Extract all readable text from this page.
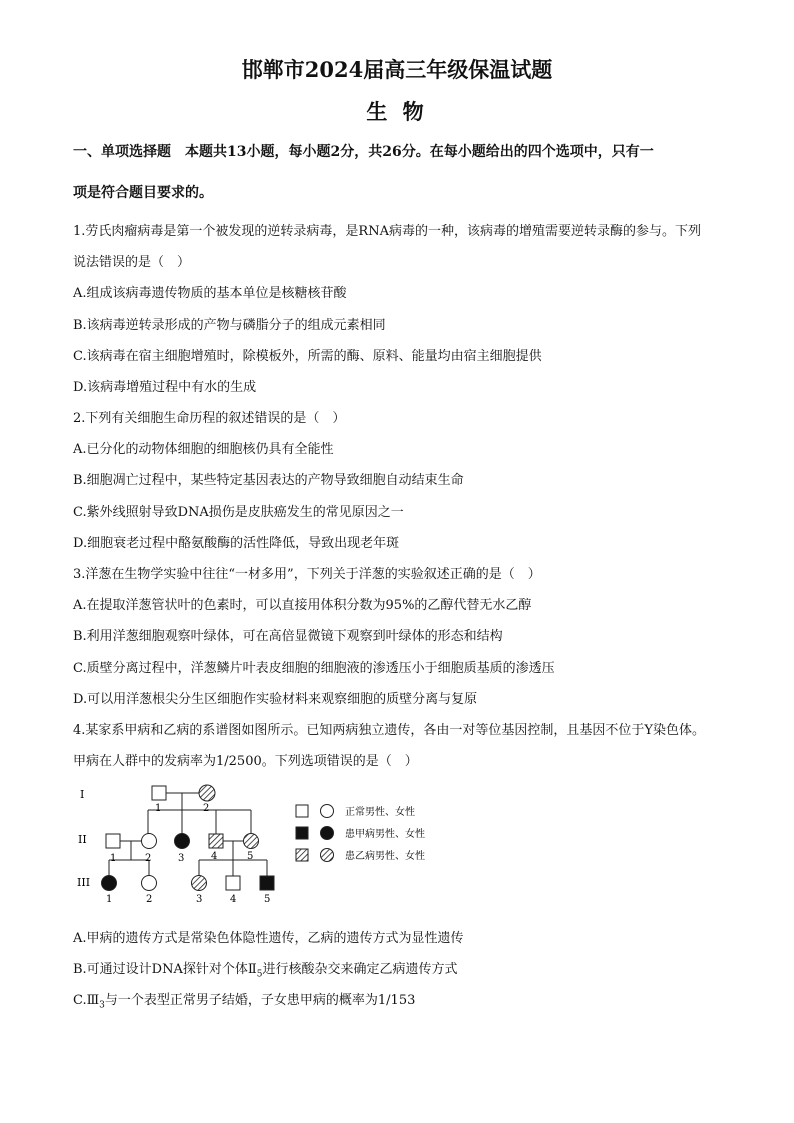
邯郸市2024届高三年级保温试题
生 物
一、单项选择题　本题共13小题，每小题2分，共26分。在每小题给出的四个选项中，只有一
项是符合题目要求的。
1.劳氏肉瘤病毒是第一个被发现的逆转录病毒，是RNA病毒的一种，该病毒的增殖需要逆转录酶的参与。下列
说法错误的是（　）
A.组成该病毒遗传物质的基本单位是核糖核苷酸
B.该病毒逆转录形成的产物与磷脂分子的组成元素相同
C.该病毒在宿主细胞增殖时，除模板外，所需的酶、原料、能量均由宿主细胞提供
D.该病毒增殖过程中有水的生成
2.下列有关细胞生命历程的叙述错误的是（　）
A.已分化的动物体细胞的细胞核仍具有全能性
B.细胞凋亡过程中，某些特定基因表达的产物导致细胞自动结束生命
C.紫外线照射导致DNA损伤是皮肤癌发生的常见原因之一
D.细胞衰老过程中酪氨酸酶的活性降低，导致出现老年斑
3.洋葱在生物学实验中往往“一材多用”，下列关于洋葱的实验叙述正确的是（　）
A.在提取洋葱管状叶的色素时，可以直接用体积分数为95%的乙醇代替无水乙醇
B.利用洋葱细胞观察叶绿体，可在高倍显微镜下观察到叶绿体的形态和结构
C.质壁分离过程中，洋葱鳞片叶表皮细胞的细胞液的渗透压小于细胞质基质的渗透压
D.可以用洋葱根尖分生区细胞作实验材料来观察细胞的质壁分离与复原
4.某家系甲病和乙病的系谱图如图所示。已知两病独立遗传，各由一对等位基因控制，且基因不位于Y染色体。
甲病在人群中的发病率为1/2500。下列选项错误的是（　）
I
II
III
1	2
1	2	3	4	5
1	2	3	4	5
正常男性、女性
患甲病男性、女性
患乙病男性、女性
A.甲病的遗传方式是常染色体隐性遗传，乙病的遗传方式为显性遗传
B.可通过设计DNA探针对个体$Ⅱ_5$进行核酸杂交来确定乙病遗传方式
$C.Ⅲ_3$与一个表型正常男子结婚，子女患甲病的概率为1/153
